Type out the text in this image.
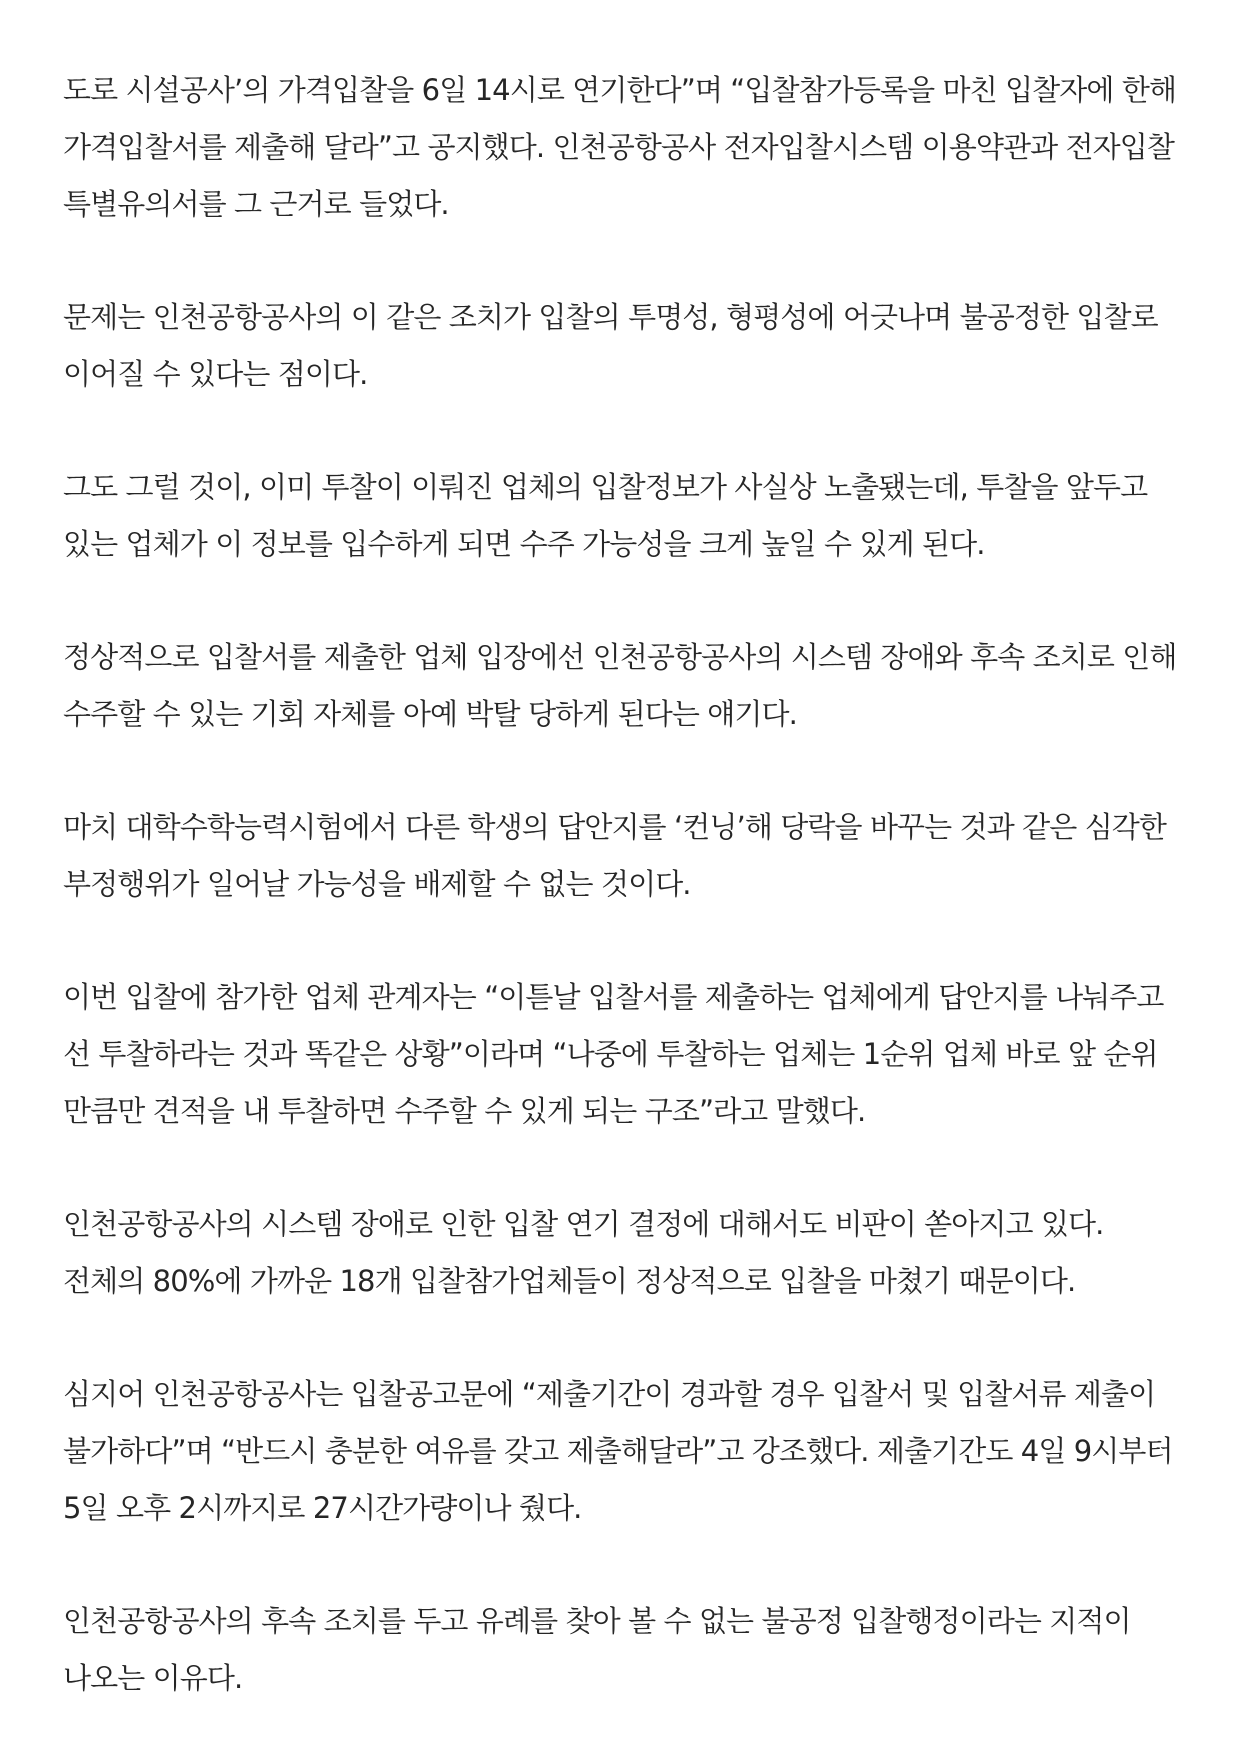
도로 시설공사’의 가격입찰을 6일 14시로 연기한다”며 “입찰참가등록을 마친 입찰자에 한해 가격입찰서를 제출해 달라”고 공지했다. 인천공항공사 전자입찰시스템 이용약관과 전자입찰 특별유의서를 그 근거로 들었다.

문제는 인천공항공사의 이 같은 조치가 입찰의 투명성, 형평성에 어긋나며 불공정한 입찰로 이어질 수 있다는 점이다.

그도 그럴 것이, 이미 투찰이 이뤄진 업체의 입찰정보가 사실상 노출됐는데, 투찰을 앞두고 있는 업체가 이 정보를 입수하게 되면 수주 가능성을 크게 높일 수 있게 된다.

정상적으로 입찰서를 제출한 업체 입장에선 인천공항공사의 시스템 장애와 후속 조치로 인해 수주할 수 있는 기회 자체를 아예 박탈 당하게 된다는 얘기다.

마치 대학수학능력시험에서 다른 학생의 답안지를 ‘컨닝’해 당락을 바꾸는 것과 같은 심각한 부정행위가 일어날 가능성을 배제할 수 없는 것이다.

이번 입찰에 참가한 업체 관계자는 “이튿날 입찰서를 제출하는 업체에게 답안지를 나눠주고 선 투찰하라는 것과 똑같은 상황”이라며 “나중에 투찰하는 업체는 1순위 업체 바로 앞 순위 만큼만 견적을 내 투찰하면 수주할 수 있게 되는 구조”라고 말했다.

인천공항공사의 시스템 장애로 인한 입찰 연기 결정에 대해서도 비판이 쏟아지고 있다. 전체의 80%에 가까운 18개 입찰참가업체들이 정상적으로 입찰을 마쳤기 때문이다.

심지어 인천공항공사는 입찰공고문에 “제출기간이 경과할 경우 입찰서 및 입찰서류 제출이 불가하다”며 “반드시 충분한 여유를 갖고 제출해달라”고 강조했다. 제출기간도 4일 9시부터 5일 오후 2시까지로 27시간가량이나 줬다.

인천공항공사의 후속 조치를 두고 유례를 찾아 볼 수 없는 불공정 입찰행정이라는 지적이 나오는 이유다.
